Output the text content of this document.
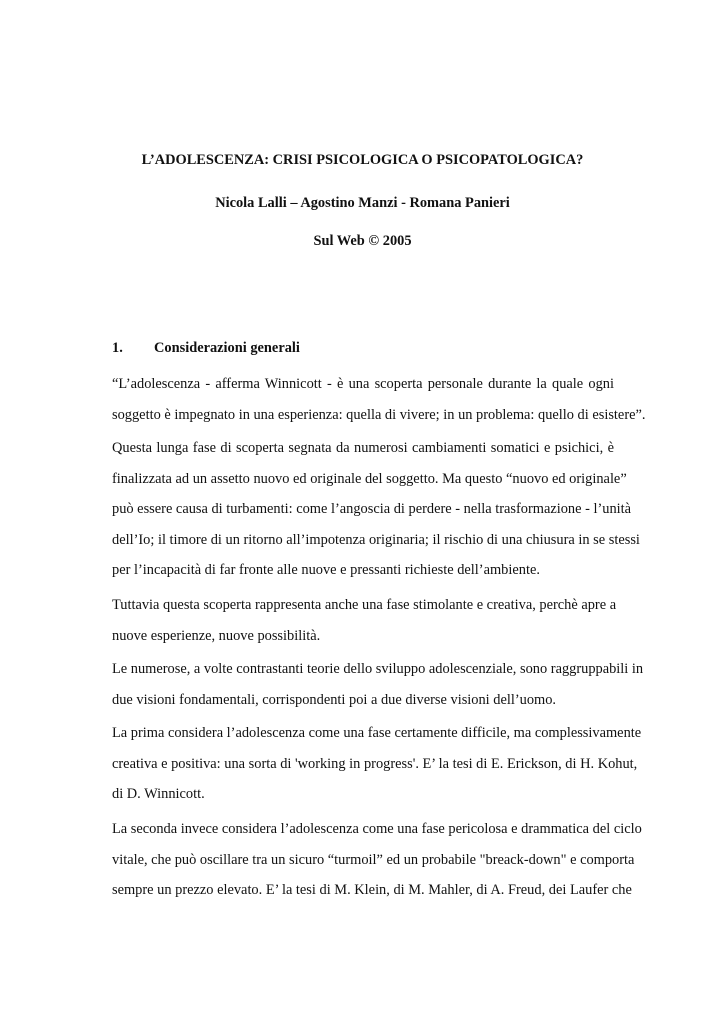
L’ADOLESCENZA: CRISI PSICOLOGICA O PSICOPATOLOGICA?
Nicola Lalli – Agostino Manzi - Romana Panieri
Sul Web © 2005
1. Considerazioni generali
“L’adolescenza - afferma Winnicott - è una scoperta personale durante la quale ogni
soggetto è impegnato in una esperienza: quella di vivere; in un problema: quello di esistere”.
Questa lunga fase di scoperta segnata da numerosi cambiamenti somatici e psichici, è
finalizzata ad un assetto nuovo ed originale del soggetto. Ma questo “nuovo ed originale”
può essere causa di turbamenti: come l’angoscia di perdere - nella trasformazione - l’unità
dell’Io; il timore di un ritorno all’impotenza originaria; il rischio di una chiusura in se stessi
per l’incapacità di far fronte alle nuove e pressanti richieste dell’ambiente.
Tuttavia questa scoperta rappresenta anche una fase stimolante e creativa, perchè apre a
nuove esperienze, nuove possibilità.
Le numerose, a volte contrastanti teorie dello sviluppo adolescenziale, sono raggruppabili in
due visioni fondamentali, corrispondenti poi a due diverse visioni dell’uomo.
La prima considera l’adolescenza come una fase certamente difficile, ma complessivamente
creativa e positiva: una sorta di 'working in progress'. E’ la tesi di E. Erickson, di H. Kohut,
di D. Winnicott.
La seconda invece considera l’adolescenza come una fase pericolosa e drammatica del ciclo
vitale, che può oscillare tra un sicuro “turmoil” ed un probabile "breack-down" e comporta
sempre un prezzo elevato. E’ la tesi di M. Klein, di M. Mahler, di A. Freud, dei Laufer che
